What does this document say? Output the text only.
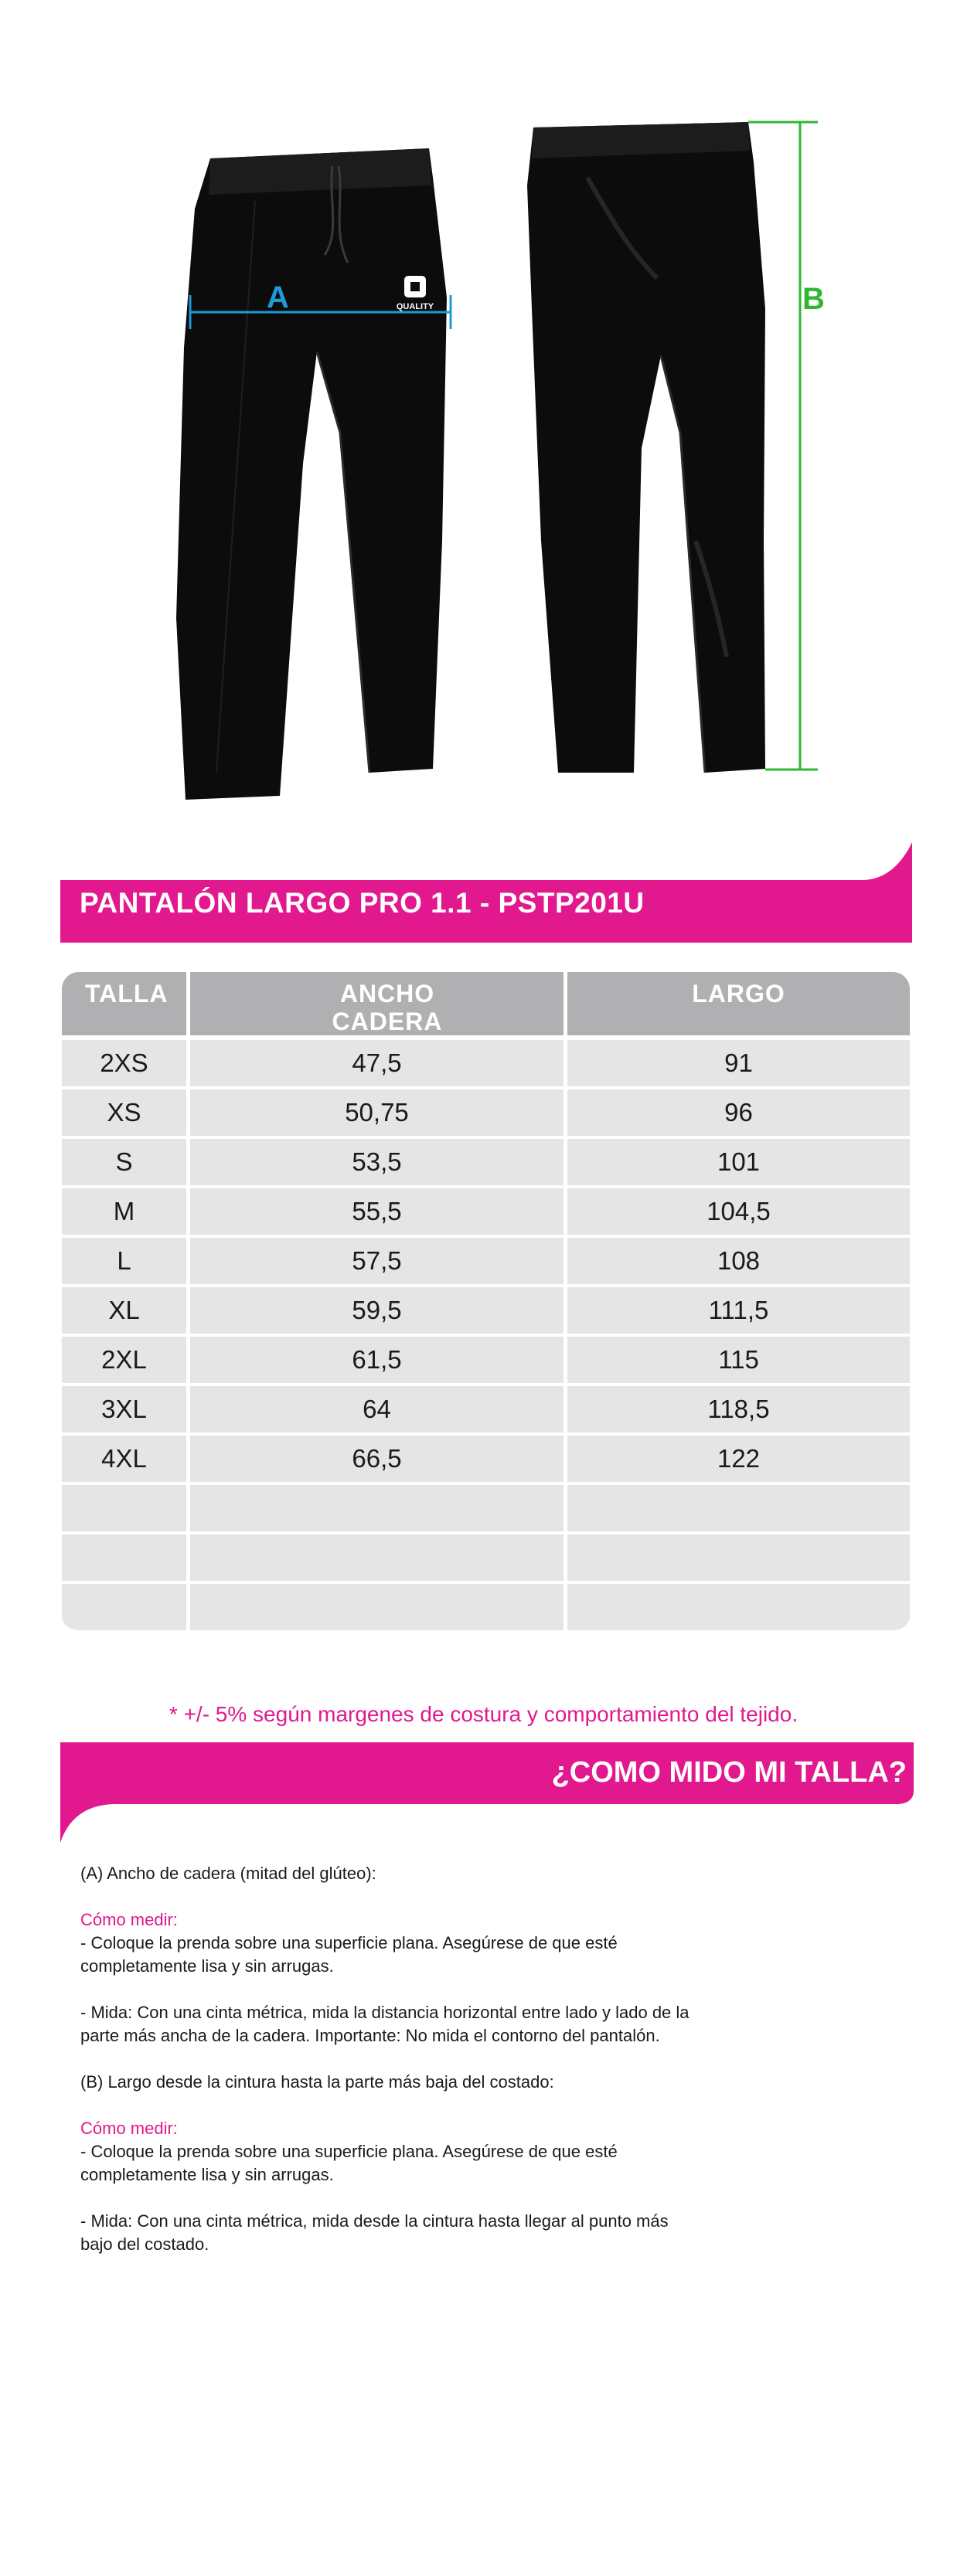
QUALITY
A	B
PANTALÓN LARGO PRO 1.1 - PSTP201U
TALLA	ANCHO CADERA	LARGO
2XS	47,5	91
XS	50,75	96
S	53,5	101
M	55,5	104,5
L	57,5	108
XL	59,5	111,5
2XL	61,5	115
3XL	64	118,5
4XL	66,5	122

* +/- 5% según margenes de costura y comportamiento del tejido.

¿COMO MIDO MI TALLA?

(A) Ancho de cadera (mitad del glúteo):

Cómo medir:
- Coloque la prenda sobre una superficie plana. Asegúrese de que esté completamente lisa y sin arrugas.

- Mida: Con una cinta métrica, mida la distancia horizontal entre lado y lado de la parte más ancha de la cadera. Importante: No mida el contorno del pantalón.

(B) Largo desde la cintura hasta la parte más baja del costado:

Cómo medir:
- Coloque la prenda sobre una superficie plana. Asegúrese de que esté completamente lisa y sin arrugas.

- Mida: Con una cinta métrica, mida desde la cintura hasta llegar al punto más bajo del costado.
